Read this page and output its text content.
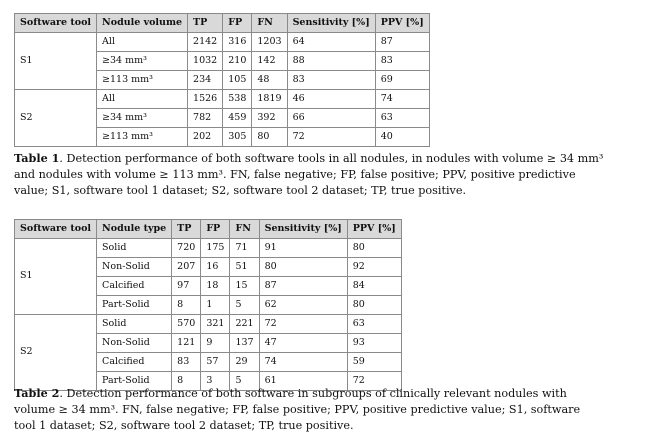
Software tool	Nodule volume	TP	FP	FN	Sensitivity [%]	PPV [%]
S1	All	2142	316	1203	64	87
	≥34 mm³	1032	210	142	88	83
	≥113 mm³	234	105	48	83	69
S2	All	1526	538	1819	46	74
	≥34 mm³	782	459	392	66	63
	≥113 mm³	202	305	80	72	40

Table 1. Detection performance of both software tools in all nodules, in nodules with volume ≥ 34 mm³ and nodules with volume ≥ 113 mm³. FN, false negative; FP, false positive; PPV, positive predictive value; S1, software tool 1 dataset; S2, software tool 2 dataset; TP, true positive.

Software tool	Nodule type	TP	FP	FN	Sensitivity [%]	PPV [%]
S1	Solid	720	175	71	91	80
	Non-Solid	207	16	51	80	92
	Calcified	97	18	15	87	84
	Part-Solid	8	1	5	62	80
S2	Solid	570	321	221	72	63
	Non-Solid	121	9	137	47	93
	Calcified	83	57	29	74	59
	Part-Solid	8	3	5	61	72

Table 2. Detection performance of both software in subgroups of clinically relevant nodules with volume ≥ 34 mm³. FN, false negative; FP, false positive; PPV, positive predictive value; S1, software tool 1 dataset; S2, software tool 2 dataset; TP, true positive.
